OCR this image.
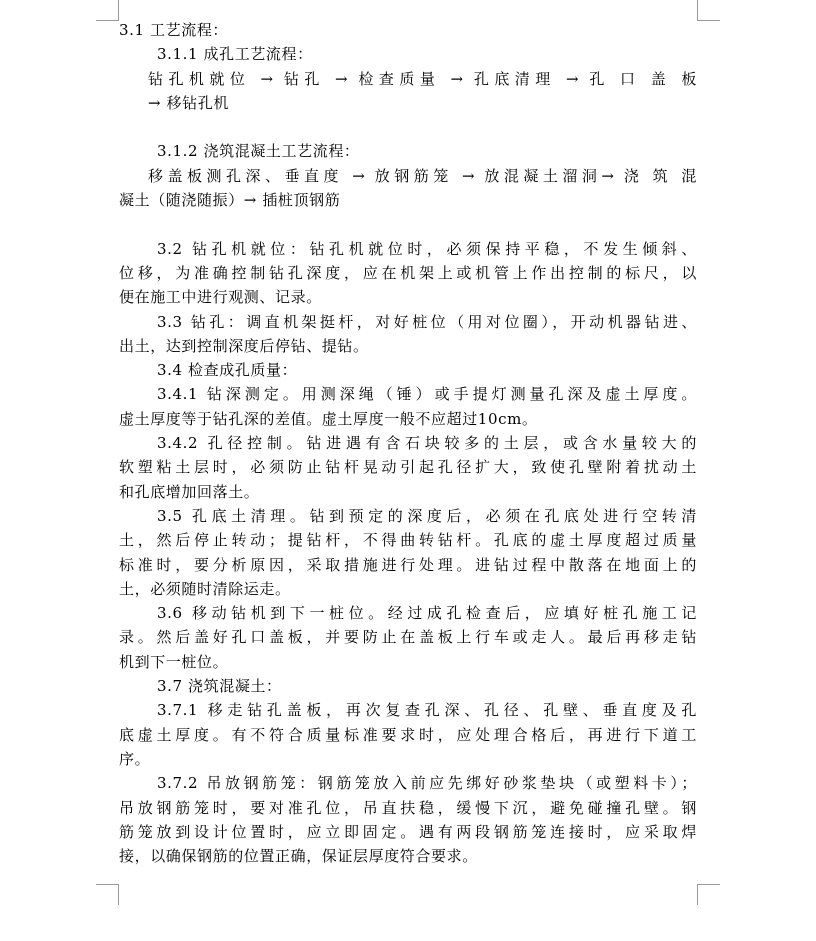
3.1 工艺流程：
3.1.1 成孔工艺流程：
钻孔机就位 → 钻孔 → 检查质量 → 孔底清理 → 孔 口 盖 板
→ 移钻孔机
3.1.2 浇筑混凝土工艺流程：
移盖板测孔深、垂直度 → 放钢筋笼 → 放混凝土溜洞→ 浇 筑 混
凝土（随浇随振）→ 插桩顶钢筋
3.2 钻孔机就位：钻孔机就位时，必须保持平稳，不发生倾斜、
位移，为准确控制钻孔深度，应在机架上或机管上作出控制的标尺，以
便在施工中进行观测、记录。
3.3 钻孔：调直机架挺杆，对好桩位（用对位圈），开动机器钻进、
出土，达到控制深度后停钻、提钻。
3.4 检查成孔质量：
3.4.1 钻深测定。用测深绳（锤）或手提灯测量孔深及虚土厚度。
虚土厚度等于钻孔深的差值。虚土厚度一般不应超过10cm。
3.4.2 孔径控制。钻进遇有含石块较多的土层，或含水量较大的
软塑粘土层时，必须防止钻杆晃动引起孔径扩大，致使孔壁附着扰动土
和孔底增加回落土。
3.5 孔底土清理。钻到预定的深度后，必须在孔底处进行空转清
土，然后停止转动；提钻杆，不得曲转钻杆。孔底的虚土厚度超过质量
标准时，要分析原因，采取措施进行处理。进钻过程中散落在地面上的
土，必须随时清除运走。
3.6 移动钻机到下一桩位。经过成孔检查后，应填好桩孔施工记
录。然后盖好孔口盖板，并要防止在盖板上行车或走人。最后再移走钻
机到下一桩位。
3.7 浇筑混凝土：
3.7.1 移走钻孔盖板，再次复查孔深、孔径、孔壁、垂直度及孔
底虚土厚度。有不符合质量标准要求时，应处理合格后，再进行下道工
序。
3.7.2 吊放钢筋笼：钢筋笼放入前应先绑好砂浆垫块（或塑料卡）；
吊放钢筋笼时，要对准孔位，吊直扶稳，缓慢下沉，避免碰撞孔壁。钢
筋笼放到设计位置时，应立即固定。遇有两段钢筋笼连接时，应采取焊
接，以确保钢筋的位置正确，保证层厚度符合要求。
